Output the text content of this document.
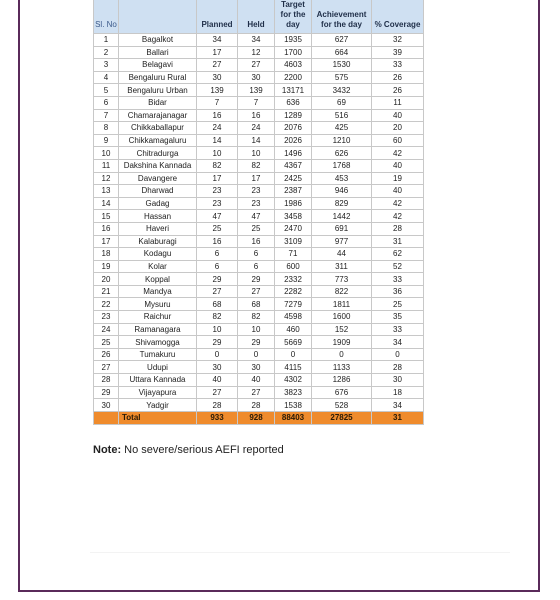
Sl. No		Planned	Held	Target for the day	Achievement for the day	% Coverage
1	Bagalkot	34	34	1935	627	32
2	Ballari	17	12	1700	664	39
3	Belagavi	27	27	4603	1530	33
4	Bengaluru Rural	30	30	2200	575	26
5	Bengaluru Urban	139	139	13171	3432	26
6	Bidar	7	7	636	69	11
7	Chamarajanagar	16	16	1289	516	40
8	Chikkaballapur	24	24	2076	425	20
9	Chikkamagaluru	14	14	2026	1210	60
10	Chitradurga	10	10	1496	626	42
11	Dakshina Kannada	82	82	4367	1768	40
12	Davangere	17	17	2425	453	19
13	Dharwad	23	23	2387	946	40
14	Gadag	23	23	1986	829	42
15	Hassan	47	47	3458	1442	42
16	Haveri	25	25	2470	691	28
17	Kalaburagi	16	16	3109	977	31
18	Kodagu	6	6	71	44	62
19	Kolar	6	6	600	311	52
20	Koppal	29	29	2332	773	33
21	Mandya	27	27	2282	822	36
22	Mysuru	68	68	7279	1811	25
23	Raichur	82	82	4598	1600	35
24	Ramanagara	10	10	460	152	33
25	Shivamogga	29	29	5669	1909	34
26	Tumakuru	0	0	0	0	0
27	Udupi	30	30	4115	1133	28
28	Uttara Kannada	40	40	4302	1286	30
29	Vijayapura	27	27	3823	676	18
30	Yadgir	28	28	1538	528	34
	Total	933	928	88403	27825	31
Note: No severe/serious AEFI reported
